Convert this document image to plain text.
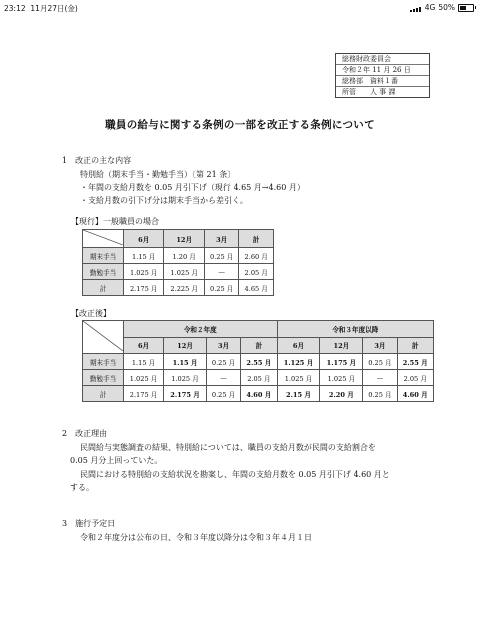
23:12 11月27日(金)	4G 50%
総務財政委員会
令和２年 11 月 26 日
総務部　資料１番
所管　　人 事 課
職員の給与に関する条例の一部を改正する条例について
1　改正の主な内容
特別給（期末手当・勤勉手当）〔第 21 条〕
・年間の支給月数を 0.05 月引下げ（現行 4.65 月→4.60 月）
・支給月数の引下げ分は期末手当から差引く。
【現行】一般職員の場合
	6月	12月	3月	計
期末手当	1.15 月	1.20 月	0.25 月	2.60 月
勤勉手当	1.025 月	1.025 月	—	2.05 月
計	2.175 月	2.225 月	0.25 月	4.65 月
【改正後】
	令和２年度				令和３年度以降			
	6月	12月	3月	計	6月	12月	3月	計
期末手当	1.15 月	1.15 月	0.25 月	2.55 月	1.125 月	1.175 月	0.25 月	2.55 月
勤勉手当	1.025 月	1.025 月	—	2.05 月	1.025 月	1.025 月	—	2.05 月
計	2.175 月	2.175 月	0.25 月	4.60 月	2.15 月	2.20 月	0.25 月	4.60 月
2　改正理由
民間給与実態調査の結果、特別給については、職員の支給月数が民間の支給割合を
0.05 月分上回っていた。
民間における特別給の支給状況を勘案し、年間の支給月数を 0.05 月引下げ 4.60 月と
する。
3　施行予定日
令和２年度分は公布の日、令和３年度以降分は令和３年４月１日
